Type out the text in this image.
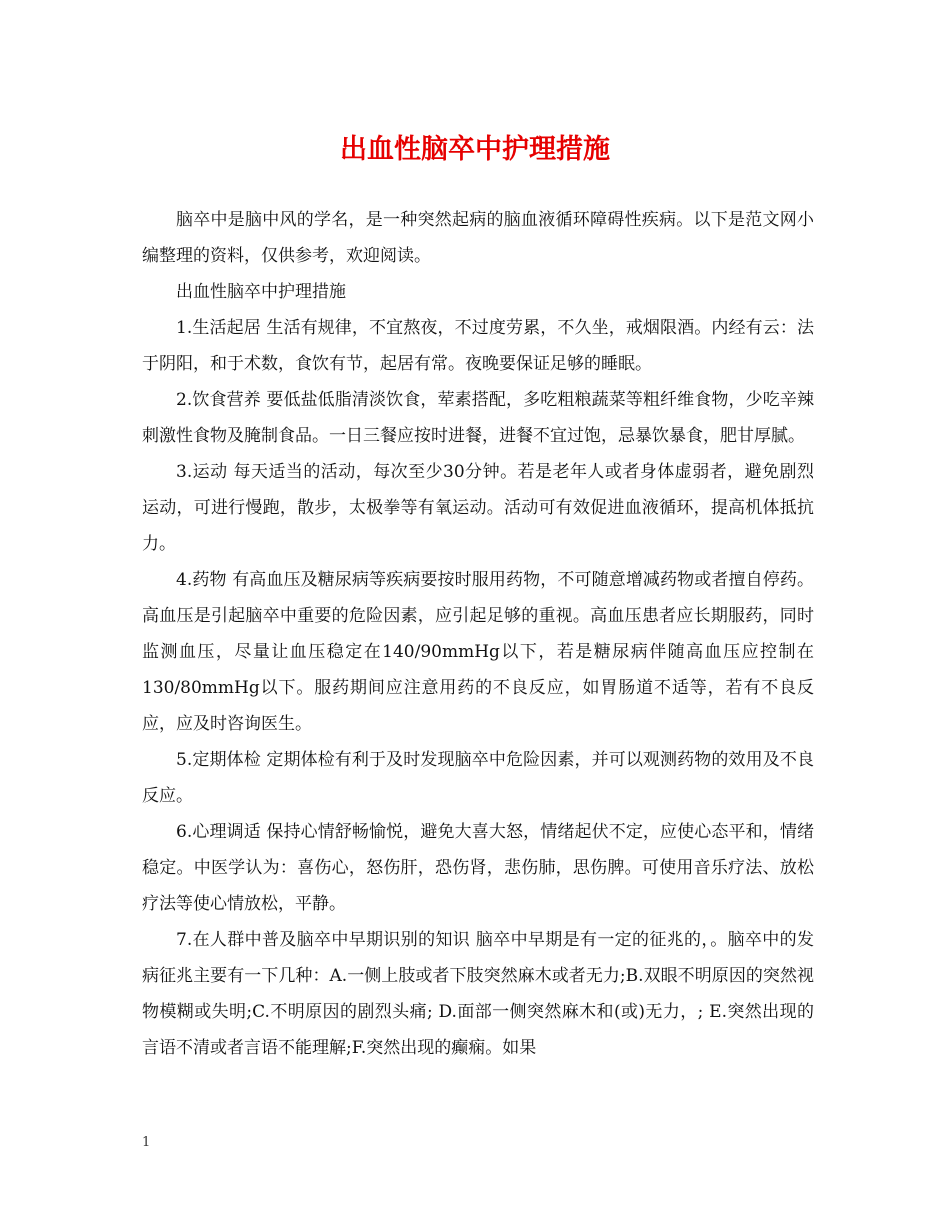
出血性脑卒中护理措施

脑卒中是脑中风的学名，是一种突然起病的脑血液循环障碍性疾病。以下是范文网小编整理的资料，仅供参考，欢迎阅读。

出血性脑卒中护理措施

1.生活起居 生活有规律，不宜熬夜，不过度劳累，不久坐，戒烟限酒。内经有云：法于阴阳，和于术数，食饮有节，起居有常。夜晚要保证足够的睡眠。

2.饮食营养 要低盐低脂清淡饮食，荤素搭配，多吃粗粮蔬菜等粗纤维食物，少吃辛辣刺激性食物及腌制食品。一日三餐应按时进餐，进餐不宜过饱，忌暴饮暴食，肥甘厚腻。

3.运动 每天适当的活动，每次至少30分钟。若是老年人或者身体虚弱者，避免剧烈运动，可进行慢跑，散步，太极拳等有氧运动。活动可有效促进血液循环，提高机体抵抗力。

4.药物 有高血压及糖尿病等疾病要按时服用药物，不可随意增减药物或者擅自停药。高血压是引起脑卒中重要的危险因素，应引起足够的重视。高血压患者应长期服药，同时监测血压，尽量让血压稳定在140/90mmHg以下，若是糖尿病伴随高血压应控制在130/80mmHg以下。服药期间应注意用药的不良反应，如胃肠道不适等，若有不良反应，应及时咨询医生。

5.定期体检 定期体检有利于及时发现脑卒中危险因素，并可以观测药物的效用及不良反应。

6.心理调适 保持心情舒畅愉悦，避免大喜大怒，情绪起伏不定，应使心态平和，情绪稳定。中医学认为：喜伤心，怒伤肝，恐伤肾，悲伤肺，思伤脾。可使用音乐疗法、放松疗法等使心情放松，平静。

7.在人群中普及脑卒中早期识别的知识 脑卒中早期是有一定的征兆的，。脑卒中的发病征兆主要有一下几种：A.一侧上肢或者下肢突然麻木或者无力;B.双眼不明原因的突然视物模糊或失明;C.不明原因的剧烈头痛; D.面部一侧突然麻木和(或)无力，; E.突然出现的言语不清或者言语不能理解;F.突然出现的癫痫。如果

1
